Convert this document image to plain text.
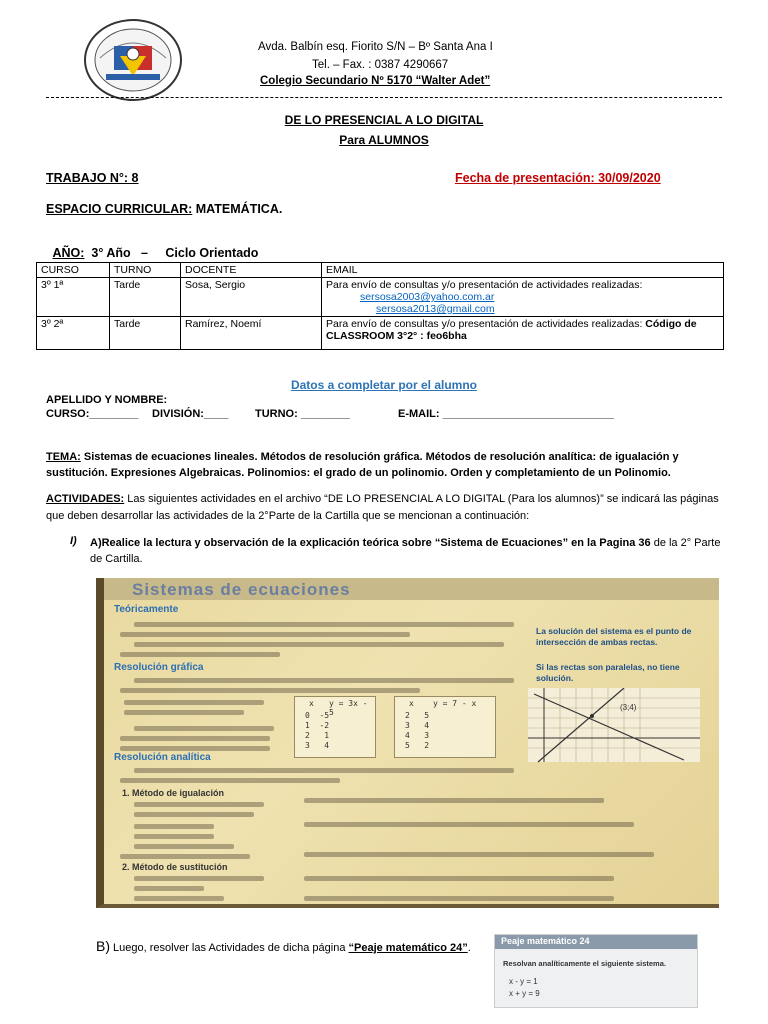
Avda. Balbín esq. Fiorito S/N – Bº Santa Ana I
Tel. – Fax. : 0387 4290667
Colegio Secundario Nº 5170 “Walter Adet”
DE LO PRESENCIAL A LO DIGITAL
Para ALUMNOS
TRABAJO N°: 8	Fecha de presentación: 30/09/2020
ESPACIO CURRICULAR: MATEMÁTICA.

AÑO:  3° Año   –     Ciclo Orientado

CURSO	TURNO	DOCENTE	EMAIL
3º 1ª	Tarde	Sosa, Sergio	Para envío de consultas y/o presentación de actividades realizadas:
sersosa2003@yahoo.com.ar
sersosa2013@gmail.com

3º 2ª	Tarde	Ramírez, Noemí	Para envío de consultas y/o presentación de actividades realizadas: Código de CLASSROOM 3°2° : feo6bha
Datos a completar por el alumno
APELLIDO Y NOMBRE:
CURSO:________ DIVISIÓN:____ TURNO: ________	E-MAIL: ____________________________
TEMA: Sistemas de ecuaciones lineales. Métodos de resolución gráfica. Métodos de resolución analítica: de igualación y sustitución. Expresiones Algebraicas. Polinomios: el grado de un polinomio. Orden y completamiento de un Polinomio.
ACTIVIDADES: Las siguientes actividades en el archivo “DE LO PRESENCIAL A LO DIGITAL (Para los alumnos)” se indicará las páginas que deben desarrollar las actividades de la 2°Parte de la Cartilla que se mencionan a continuación:
I) A)Realice la lectura y observación de la explicación teórica sobre “Sistema de Ecuaciones” en la Pagina 36 de la 2° Parte de Cartilla.
Sistemas de ecuaciones
Teóricamente
Resolución gráfica
x y = 3x - 5
0  -5
1  -2
2   1
3   4
x y = 7 - x
2   5
3   4
4   3
5   2
La solución del sistema es el punto de intersección de ambas rectas.
Si las rectas son paralelas, no tiene solución.
(3;4)
Resolución analítica
1. Método de igualación
2. Método de sustitución
B) Luego, resolver las Actividades de dicha página “Peaje matemático 24”.
Peaje matemático 24
Resolvan analíticamente el siguiente sistema.
x - y = 1
x + y = 9
